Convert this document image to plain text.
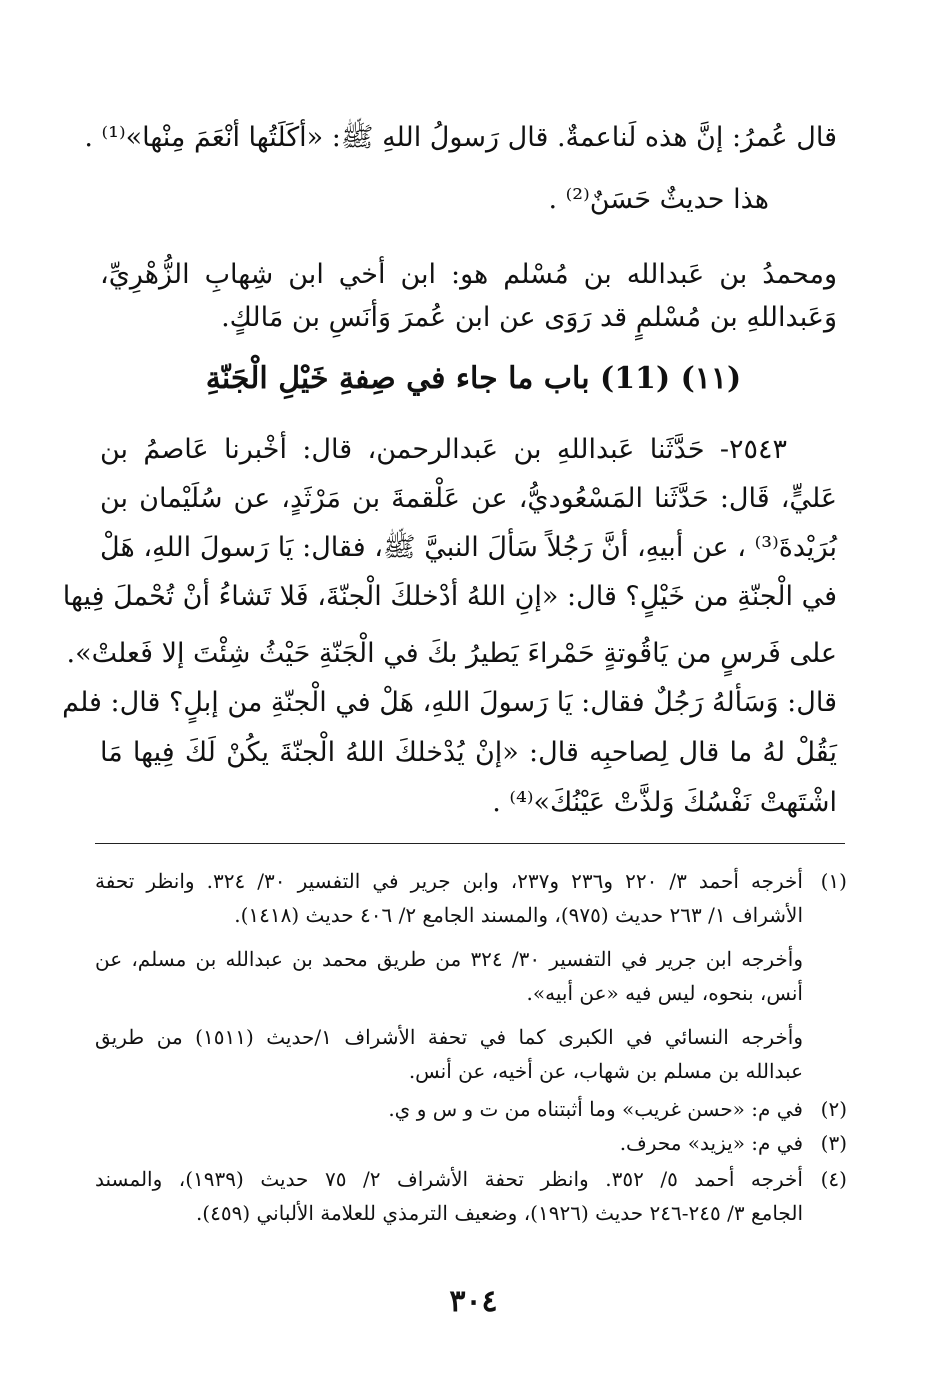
قال عُمرُ: إنَّ هذه لَناعمةٌ. قال رَسولُ اللهِ ﷺ: «أكَلَتُها أنْعَمَ مِنْها»⁽¹⁾ .
هذا حديثٌ حَسَنٌ⁽²⁾ .
ومحمدُ بن عَبدالله بن مُسْلم هو: ابن أخي ابن شِهابِ الزُّهْرِيِّ،
وَعَبداللهِ بن مُسْلمٍ قد رَوَى عن ابن عُمرَ وَأنَسِ بن مَالكٍ.
(١١) (11) باب ما جاء في صِفةِ خَيْلِ الْجَنّةِ
٢٥٤٣- حَدَّثَنا عَبداللهِ بن عَبدالرحمن، قال: أخْبرنا عَاصمُ بن
عَليٍّ، قَال: حَدَّثَنا المَسْعُوديُّ، عن عَلْقمةَ بن مَرْثَدٍ، عن سُلَيْمان بن
بُرَيْدةَ⁽³⁾ ، عن أبيهِ، أنَّ رَجُلاً سَألَ النبيَّ ﷺ، فقال: يَا رَسولَ اللهِ، هَلْ
في الْجنّةِ من خَيْلٍ؟ قال: «إنِ اللهُ أدْخلكَ الْجنّةَ، فَلا تَشاءُ أنْ تُحْملَ فِيها
على فَرسٍ من يَاقُوتةٍ حَمْراءَ يَطيرُ بكَ في الْجَنّةِ حَيْثُ شِئْتَ إلا فَعلتْ».
قال: وَسَألهُ رَجُلٌ فقال: يَا رَسولَ اللهِ، هَلْ في الْجنّةِ من إبلٍ؟ قال: فلم
يَقُلْ لهُ ما قال لِصاحبِه قال: «إنْ يُدْخلكَ اللهُ الْجنّةَ يكُنْ لَكَ فِيها مَا
اشْتَهتْ نَفْسُكَ وَلذَّتْ عَيْنُكَ»⁽⁴⁾ .
(١)أخرجه أحمد ٣/ ٢٢٠ و٢٣٦ و٢٣٧، وابن جرير في التفسير ٣٠/ ٣٢٤. وانظر تحفة
الأشراف ١/ ٢٦٣ حديث (٩٧٥)، والمسند الجامع ٢/ ٤٠٦ حديث (١٤١٨).
وأخرجه ابن جرير في التفسير ٣٠/ ٣٢٤ من طريق محمد بن عبدالله بن مسلم، عن
أنس، بنحوه، ليس فيه «عن أبيه».
وأخرجه النسائي في الكبرى كما في تحفة الأشراف ١/حديث (١٥١١) من طريق
عبدالله بن مسلم بن شهاب، عن أخيه، عن أنس.
(٢)في م: «حسن غريب» وما أثبتناه من ت و س و ي.
(٣)في م: «يزيد» محرف.
(٤)أخرجه أحمد ٥/ ٣٥٢. وانظر تحفة الأشراف ٢/ ٧٥ حديث (١٩٣٩)، والمسند
الجامع ٣/ ٢٤٥-٢٤٦ حديث (١٩٢٦)، وضعيف الترمذي للعلامة الألباني (٤٥٩).
٣٠٤
